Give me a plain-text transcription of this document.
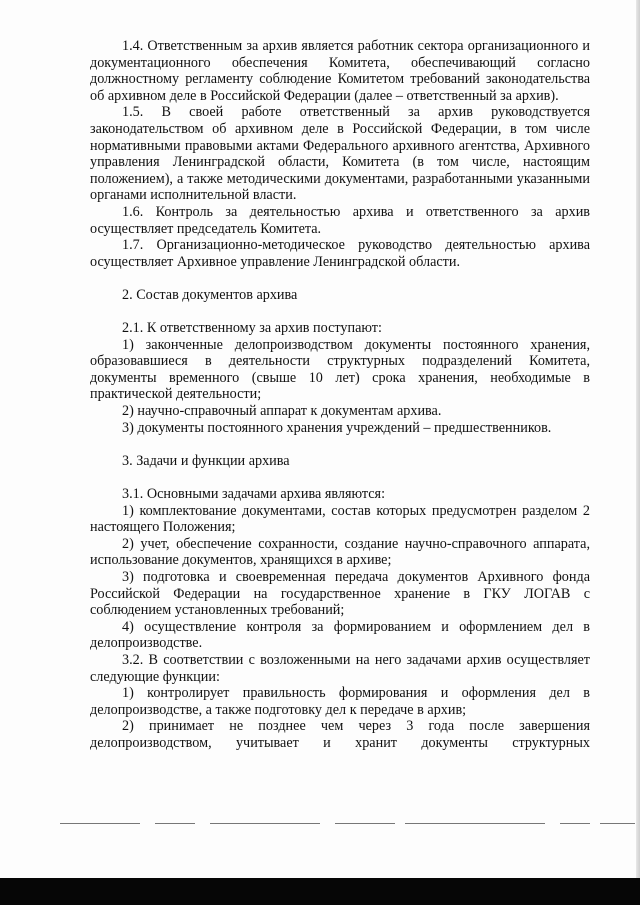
1.4. Ответственным за архив является работник сектора организационного и документационного обеспечения Комитета, обеспечивающий согласно должностному регламенту соблюдение Комитетом требований законодательства об архивном деле в Российской Федерации (далее – ответственный за архив).

1.5. В своей работе ответственный за архив руководствуется законодательством об архивном деле в Российской Федерации, в том числе нормативными правовыми актами Федерального архивного агентства, Архивного управления Ленинградской области, Комитета (в том числе, настоящим положением), а также методическими документами, разработанными указанными органами исполнительной власти.

1.6. Контроль за деятельностью архива и ответственного за архив осуществляет председатель Комитета.

1.7. Организационно-методическое руководство деятельностью архива осуществляет Архивное управление Ленинградской области.

2. Состав документов архива

2.1. К ответственному за архив поступают:

1) законченные делопроизводством документы постоянного хранения, образовавшиеся в деятельности структурных подразделений Комитета, документы временного (свыше 10 лет) срока хранения, необходимые в практической деятельности;

2) научно-справочный аппарат к документам архива.

3) документы постоянного хранения учреждений – предшественников.

3. Задачи и функции архива

3.1. Основными задачами архива являются:

1) комплектование документами, состав которых предусмотрен разделом 2 настоящего Положения;

2) учет, обеспечение сохранности, создание научно-справочного аппарата, использование документов, хранящихся в архиве;

3) подготовка и своевременная передача документов Архивного фонда Российской Федерации на государственное хранение в ГКУ ЛОГАВ с соблюдением установленных требований;

4) осуществление контроля за формированием и оформлением дел в делопроизводстве.

3.2. В соответствии с возложенными на него задачами архив осуществляет следующие функции:

1) контролирует правильность формирования и оформления дел в делопроизводстве, а также подготовку дел к передаче в архив;

2) принимает не позднее чем через 3 года после завершения делопроизводством, учитывает и хранит документы структурных
